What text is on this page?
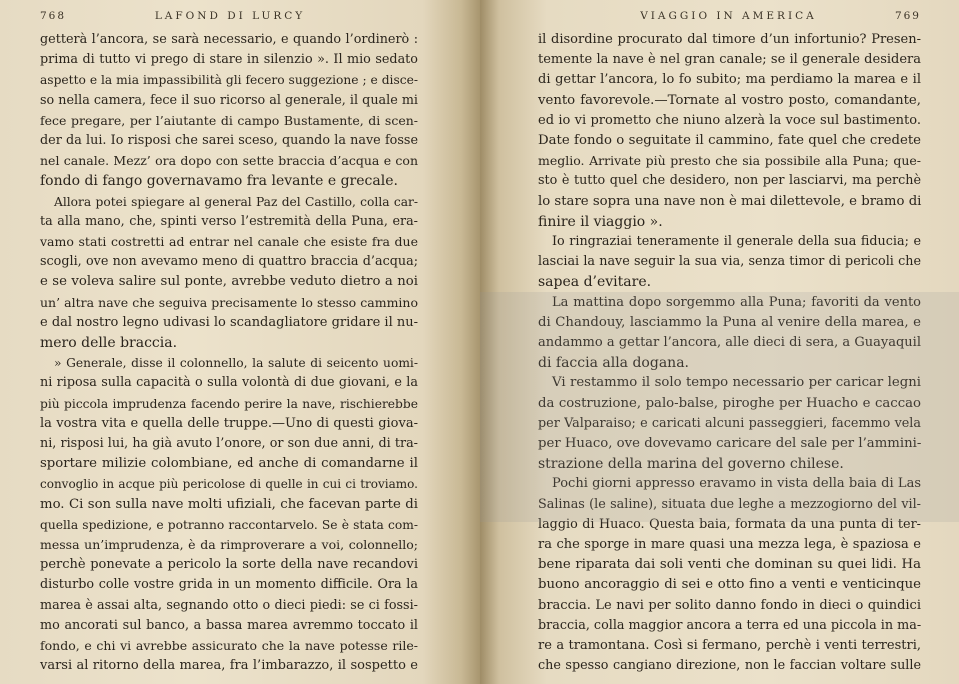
768	LAFOND DI LURCY

getterà l’ancora, se sarà necessario, e quando l’ordinerò :

prima di tutto vi prego di stare in silenzio ». Il mio sedato

aspetto e la mia impassibilità gli fecero suggezione ; e disce-

so nella camera, fece il suo ricorso al generale, il quale mi

fece pregare, per l’aiutante di campo Bustamente, di scen-

der da lui. Io risposi che sarei sceso, quando la nave fosse

nel canale. Mezz’ ora dopo con sette braccia d’acqua e con

fondo di fango governavamo fra levante e grecale.

Allora potei spiegare al general Paz del Castillo, colla car-

ta alla mano, che, spinti verso l’estremità della Puna, era-

vamo stati costretti ad entrar nel canale che esiste fra due

scogli, ove non avevamo meno di quattro braccia d’acqua;

e se voleva salire sul ponte, avrebbe veduto dietro a noi

un’ altra nave che seguiva precisamente lo stesso cammino

e dal nostro legno udivasi lo scandagliatore gridare il nu-

mero delle braccia.

» Generale, disse il colonnello, la salute di seicento uomi-

ni riposa sulla capacità o sulla volontà di due giovani, e la

più piccola imprudenza facendo perire la nave, rischierebbe

la vostra vita e quella delle truppe.—Uno di questi giova-

ni, risposi lui, ha già avuto l’onore, or son due anni, di tra-

sportare milizie colombiane, ed anche di comandarne il

convoglio in acque più pericolose di quelle in cui ci troviamo.

mo. Ci son sulla nave molti ufiziali, che facevan parte di

quella spedizione, e potranno raccontarvelo. Se è stata com-

messa un’imprudenza, è da rimproverare a voi, colonnello;

perchè ponevate a pericolo la sorte della nave recandovi

disturbo colle vostre grida in un momento difficile. Ora la

marea è assai alta, segnando otto o dieci piedi: se ci fossi-

mo ancorati sul banco, a bassa marea avremmo toccato il

fondo, e chi vi avrebbe assicurato che la nave potesse rile-

varsi al ritorno della marea, fra l’imbarazzo, il sospetto e

VIAGGIO IN AMERICA	769

il disordine procurato dal timore d’un infortunio? Presen-

temente la nave è nel gran canale; se il generale desidera

di gettar l’ancora, lo fo subito; ma perdiamo la marea e il

vento favorevole.—Tornate al vostro posto, comandante,

ed io vi prometto che niuno alzerà la voce sul bastimento.

Date fondo o seguitate il cammino, fate quel che credete

meglio. Arrivate più presto che sia possibile alla Puna; que-

sto è tutto quel che desidero, non per lasciarvi, ma perchè

lo stare sopra una nave non è mai dilettevole, e bramo di

finire il viaggio ».

Io ringraziai teneramente il generale della sua fiducia; e

lasciai la nave seguir la sua via, senza timor di pericoli che

sapea d’evitare.

La mattina dopo sorgemmo alla Puna; favoriti da vento

di Chandouy, lasciammo la Puna al venire della marea, e

andammo a gettar l’ancora, alle dieci di sera, a Guayaquil

di faccia alla dogana.

Vi restammo il solo tempo necessario per caricar legni

da costruzione, palo-balse, piroghe per Huacho e caccao

per Valparaiso; e caricati alcuni passeggieri, facemmo vela

per Huaco, ove dovevamo caricare del sale per l’ammini-

strazione della marina del governo chilese.

Pochi giorni appresso eravamo in vista della baia di Las

Salinas (le saline), situata due leghe a mezzogiorno del vil-

laggio di Huaco. Questa baia, formata da una punta di ter-

ra che sporge in mare quasi una mezza lega, è spaziosa e

bene riparata dai soli venti che dominan su quei lidi. Ha

buono ancoraggio di sei e otto fino a venti e venticinque

braccia. Le navi per solito danno fondo in dieci o quindici

braccia, colla maggior ancora a terra ed una piccola in ma-

re a tramontana. Così si fermano, perchè i venti terrestri,

che spesso cangiano direzione, non le faccian voltare sulle
